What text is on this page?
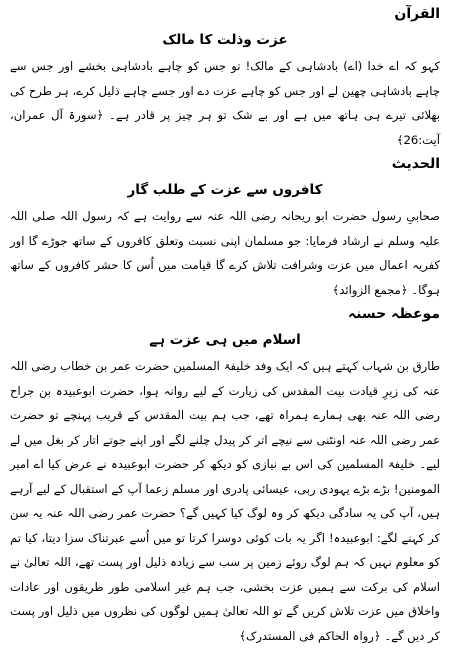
القرآن
عزت وذلت کا مالک

کہو کہ اے خدا (اے) بادشاہی کے مالک! تو جس کو چاہے بادشاہی بخشے اور جس سے چاہے بادشاہی چھین لے اور جس کو چاہے عزت دے اور جسے چاہے ذلیل کرے، ہر طرح کی بھلائی تیرے ہی ہاتھ میں ہے اور بے شک تو ہر چیز پر قادر ہے۔ ﴿سورۃ آل عمران، آیت:26﴾

الحدیث
کافروں سے عزت کے طلب گار

صحابیِ رسول حضرت ابو ریحانہ رضی اللہ عنہ سے روایت ہے کہ رسول اللہ صلی اللہ علیہ وسلم نے ارشاد فرمایا: جو مسلمان اپنی نسبت وتعلق کافروں کے ساتھ جوڑے گا اور کفریہ اعمال میں عزت وشرافت تلاش کرے گا قیامت میں اُس کا حشر کافروں کے ساتھ ہوگا۔ ﴿مجمع الزوائد﴾

موعظہ حسنہ
اسلام میں ہی عزت ہے

طارق بن شہاب کہتے ہیں کہ ایک وفد خلیفۃ المسلمین حضرت عمر بن خطاب رضی اللہ عنہ کی زیرِ قیادت بیت المقدس کی زیارت کے لیے روانہ ہوا، حضرت ابوعبیدہ بن جراح رضی اللہ عنہ بھی ہمارے ہمراہ تھے، جب ہم بیت المقدس کے قریب پہنچے تو حضرت عمر رضی اللہ عنہ اونٹنی سے نیچے اتر کر پیدل چلنے لگے اور اپنے جوتے اتار کر بغل میں لے لیے۔ خلیفۃ المسلمین کی اس بے نیازی کو دیکھ کر حضرت ابوعبیدہ نے عرض کیا اے امیر المومنین! بڑے بڑے یہودی ربی، عیسائی پادری اور مسلم زعما آپ کے استقبال کے لیے آرہے ہیں، آپ کی یہ سادگی دیکھ کر وہ لوگ کیا کہیں گے؟ حضرت عمر رضی اللہ عنہ یہ سن کر کہنے لگے: ابوعبیدہ! اگر یہ بات کوئی دوسرا کرتا تو میں اُسے عبرتناک سزا دیتا، کیا تم کو معلوم نہیں کہ ہم لوگ روئے زمین پر سب سے زیادہ ذلیل اور پست تھے، اللہ تعالیٰ نے اسلام کی برکت سے ہمیں عزت بخشی، جب ہم غیر اسلامی طور طریقوں اور عادات واخلاق میں عزت تلاش کریں گے تو اللہ تعالیٰ ہمیں لوگوں کی نظروں میں ذلیل اور پست کر دیں گے۔ ﴿رواہ الحاکم فی المستدرک﴾
